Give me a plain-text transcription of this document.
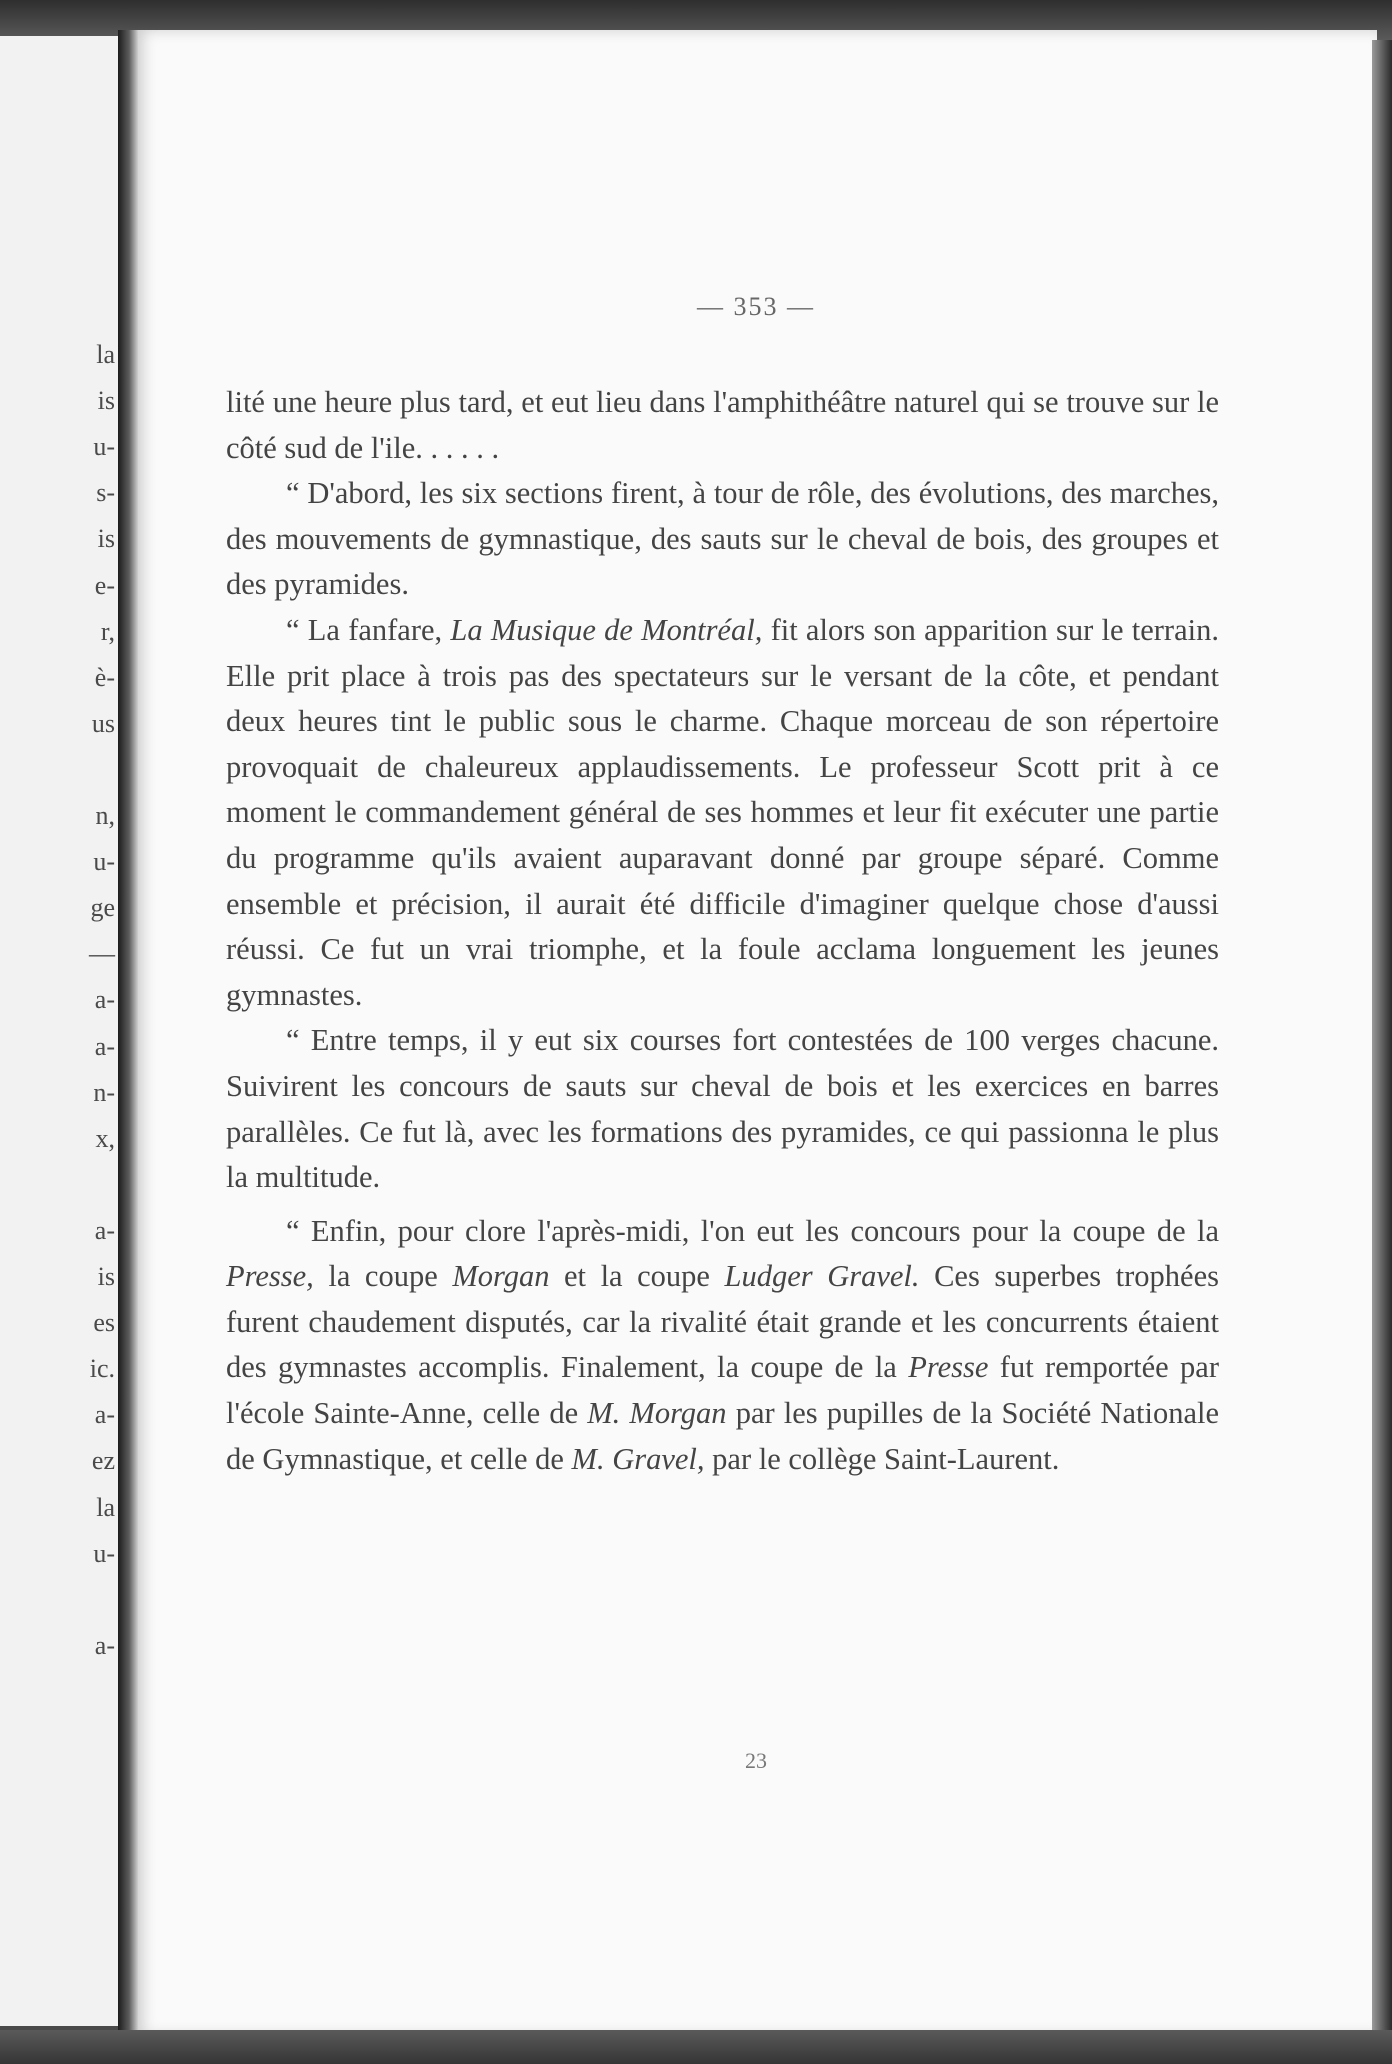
la
is
u-
s-
is
e-
r,
è-
us
n,
u-
ge
—
a-
a-
n-
x,
a-
is
es
ic.
a-
ez
la
u-
a-
— 353 —

lité une heure plus tard, et eut lieu dans l'amphithéâtre naturel qui se trouve sur le côté sud de l'ile. . . . . .

“ D'abord, les six sections firent, à tour de rôle, des évolutions, des marches, des mouvements de gymnastique, des sauts sur le cheval de bois, des groupes et des pyramides.

“ La fanfare, La Musique de Montréal, fit alors son apparition sur le terrain. Elle prit place à trois pas des spectateurs sur le versant de la côte, et pendant deux heures tint le public sous le charme. Chaque morceau de son répertoire provoquait de chaleureux applaudissements. Le professeur Scott prit à ce moment le commandement général de ses hommes et leur fit exécuter une partie du programme qu'ils avaient auparavant donné par groupe séparé. Comme ensemble et précision, il aurait été difficile d'imaginer quelque chose d'aussi réussi. Ce fut un vrai triomphe, et la foule acclama longuement les jeunes gymnastes.

“ Entre temps, il y eut six courses fort contestées de 100 verges chacune. Suivirent les concours de sauts sur cheval de bois et les exercices en barres parallèles. Ce fut là, avec les formations des pyramides, ce qui passionna le plus la multitude.

“ Enfin, pour clore l'après-midi, l'on eut les concours pour la coupe de la Presse, la coupe Morgan et la coupe Ludger Gravel. Ces superbes trophées furent chaudement disputés, car la rivalité était grande et les concurrents étaient des gymnastes accomplis. Finalement, la coupe de la Presse fut remportée par l'école Sainte-Anne, celle de M. Morgan par les pupilles de la Société Nationale de Gymnastique, et celle de M. Gravel, par le collège Saint-Laurent.

23
